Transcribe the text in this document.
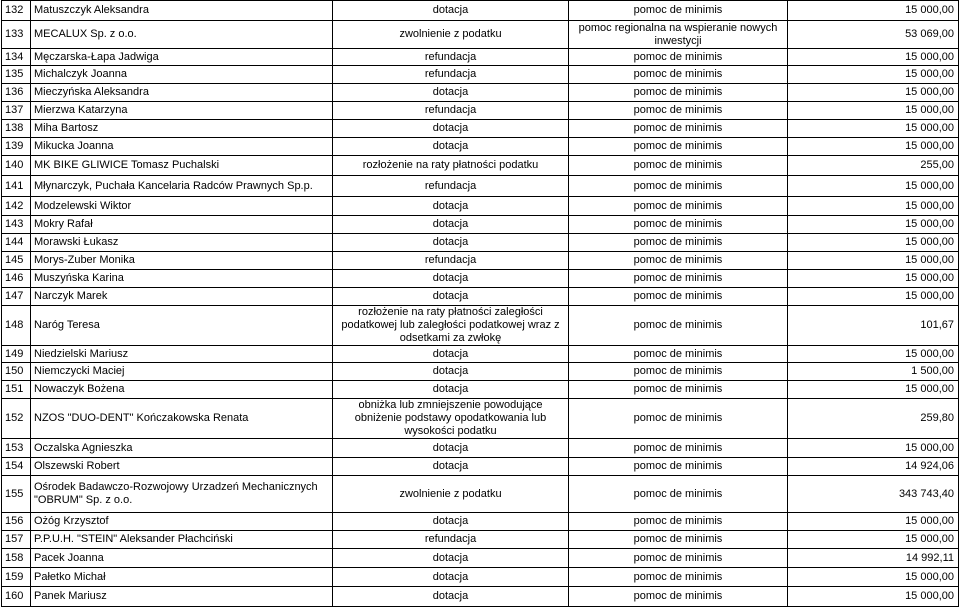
132	Matuszczyk Aleksandra	dotacja	pomoc de minimis	15 000,00
133	MECALUX Sp. z o.o.	zwolnienie z podatku	pomoc regionalna na wspieranie nowych inwestycji	53 069,00
134	Męczarska-Łapa Jadwiga	refundacja	pomoc de minimis	15 000,00
135	Michalczyk Joanna	refundacja	pomoc de minimis	15 000,00
136	Mieczyńska Aleksandra	dotacja	pomoc de minimis	15 000,00
137	Mierzwa Katarzyna	refundacja	pomoc de minimis	15 000,00
138	Miha Bartosz	dotacja	pomoc de minimis	15 000,00
139	Mikucka Joanna	dotacja	pomoc de minimis	15 000,00
140	MK BIKE GLIWICE Tomasz Puchalski	rozłożenie na raty płatności podatku	pomoc de minimis	255,00
141	Młynarczyk, Puchała Kancelaria Radców Prawnych Sp.p.	refundacja	pomoc de minimis	15 000,00
142	Modzelewski Wiktor	dotacja	pomoc de minimis	15 000,00
143	Mokry Rafał	dotacja	pomoc de minimis	15 000,00
144	Morawski Łukasz	dotacja	pomoc de minimis	15 000,00
145	Morys-Zuber Monika	refundacja	pomoc de minimis	15 000,00
146	Muszyńska Karina	dotacja	pomoc de minimis	15 000,00
147	Narczyk Marek	dotacja	pomoc de minimis	15 000,00
148	Naróg Teresa	rozłożenie na raty płatności zaległości podatkowej lub zaległości podatkowej wraz z odsetkami za zwłokę	pomoc de minimis	101,67
149	Niedzielski Mariusz	dotacja	pomoc de minimis	15 000,00
150	Niemczycki Maciej	dotacja	pomoc de minimis	1 500,00
151	Nowaczyk Bożena	dotacja	pomoc de minimis	15 000,00
152	NZOS "DUO-DENT" Kończakowska Renata	obniżka lub zmniejszenie powodujące obniżenie podstawy opodatkowania lub wysokości podatku	pomoc de minimis	259,80
153	Oczalska Agnieszka	dotacja	pomoc de minimis	15 000,00
154	Olszewski Robert	dotacja	pomoc de minimis	14 924,06
155	Ośrodek Badawczo-Rozwojowy Urzadzeń Mechanicznych "OBRUM" Sp. z o.o.	zwolnienie z podatku	pomoc de minimis	343 743,40
156	Ożóg Krzysztof	dotacja	pomoc de minimis	15 000,00
157	P.P.U.H. "STEIN" Aleksander Płachciński	refundacja	pomoc de minimis	15 000,00
158	Pacek Joanna	dotacja	pomoc de minimis	14 992,11
159	Pałetko Michał	dotacja	pomoc de minimis	15 000,00
160	Panek Mariusz	dotacja	pomoc de minimis	15 000,00
